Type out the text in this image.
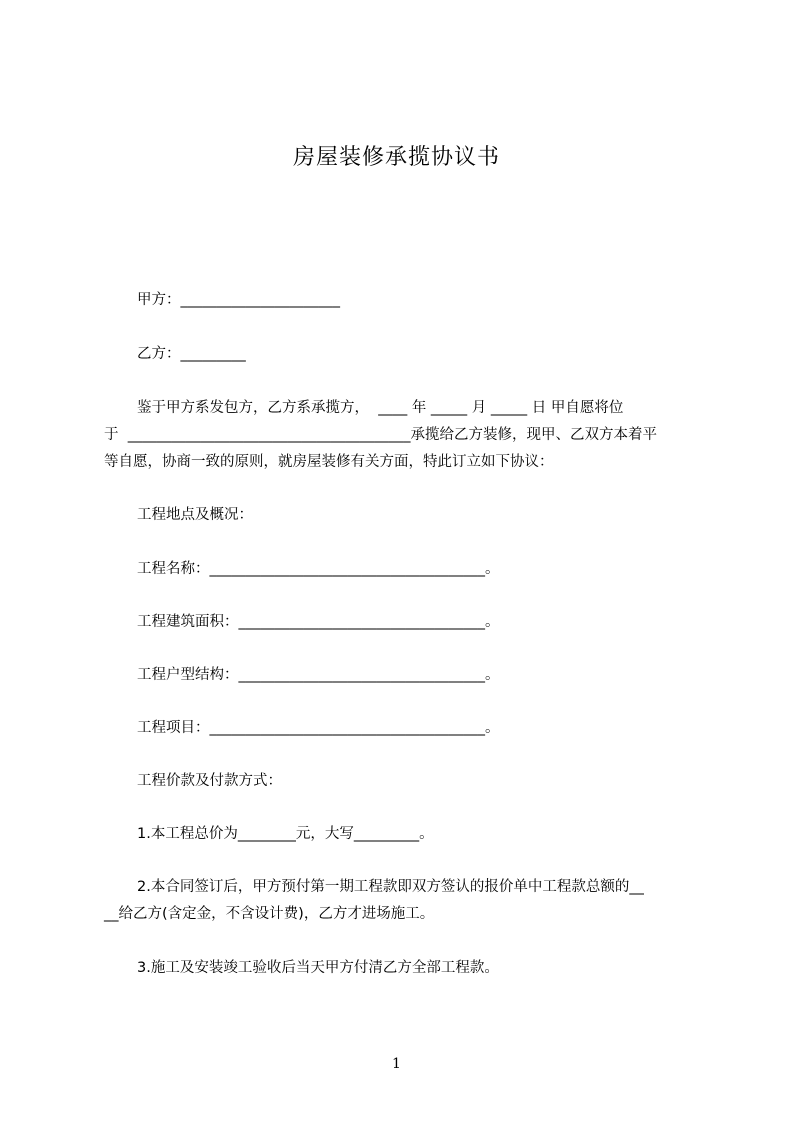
房屋装修承揽协议书
甲方：______________________
乙方：_________
鉴于甲方系发包方，乙方系承揽方，  ____ 年 _____ 月 _____ 日 甲自愿将位
于  _______________________________________承揽给乙方装修，现甲、乙双方本着平
等自愿，协商一致的原则，就房屋装修有关方面，特此订立如下协议：
工程地点及概况：
工程名称：______________________________________。
工程建筑面积：__________________________________。
工程户型结构：__________________________________。
工程项目：______________________________________。
工程价款及付款方式：
1.本工程总价为________元，大写_________。
2.本合同签订后，甲方预付第一期工程款即双方签认的报价单中工程款总额的__
__给乙方(含定金，不含设计费)，乙方才进场施工。
3.施工及安装竣工验收后当天甲方付清乙方全部工程款。
1
